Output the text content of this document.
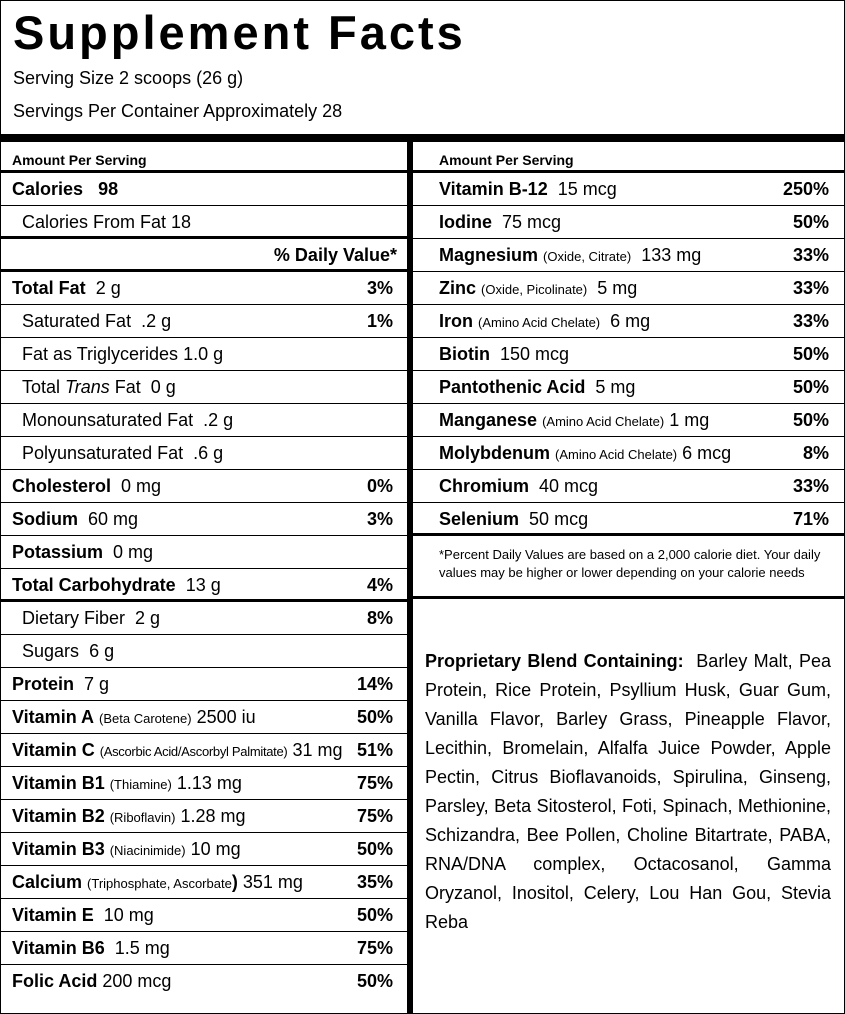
Supplement Facts
Serving Size 2 scoops (26 g)
Servings Per Container Approximately 28
Amount Per Serving
Calories 98
Calories From Fat 18
% Daily Value*
Total Fat 2 g	3%
Saturated Fat .2 g	1%
Fat as Triglycerides 1.0 g
Total Trans Fat 0 g
Monounsaturated Fat .2 g
Polyunsaturated Fat .6 g
Cholesterol 0 mg	0%
Sodium 60 mg	3%
Potassium 0 mg
Total Carbohydrate 13 g	4%
Dietary Fiber 2 g	8%
Sugars 6 g
Protein 7 g	14%
Vitamin A (Beta Carotene) 2500 iu	50%
Vitamin C (Ascorbic Acid/Ascorbyl Palmitate) 31 mg 51%
Vitamin B1 (Thiamine) 1.13 mg	75%
Vitamin B2 (Riboflavin) 1.28 mg	75%
Vitamin B3 (Niacinimide) 10 mg	50%
Calcium (Triphosphate, Ascorbate) 351 mg	35%
Vitamin E 10 mg	50%
Vitamin B6 1.5 mg	75%
Folic Acid 200 mcg	50%
Amount Per Serving
Vitamin B-12 15 mcg	250%
Iodine 75 mcg	50%
Magnesium (Oxide, Citrate) 133 mg	33%
Zinc (Oxide, Picolinate) 5 mg	33%
Iron (Amino Acid Chelate) 6 mg	33%
Biotin 150 mcg	50%
Pantothenic Acid 5 mg	50%
Manganese (Amino Acid Chelate) 1 mg	50%
Molybdenum (Amino Acid Chelate) 6 mcg	8%
Chromium 40 mcg	33%
Selenium 50 mcg	71%
*Percent Daily Values are based on a 2,000 calorie diet. Your daily values may be higher or lower depending on your calorie needs
Proprietary Blend Containing: Barley Malt, Pea Protein, Rice Protein, Psyllium Husk, Guar Gum, Vanilla Flavor, Barley Grass, Pineapple Flavor, Lecithin, Bromelain, Alfalfa Juice Powder, Apple Pectin, Citrus Bioflavanoids, Spirulina, Ginseng, Parsley, Beta Sitosterol, Foti, Spinach, Methionine, Schizandra, Bee Pollen, Choline Bitartrate, PABA, RNA/DNA complex, Octacosanol, Gamma Oryzanol, Inositol, Celery, Lou Han Gou, Stevia Reba
